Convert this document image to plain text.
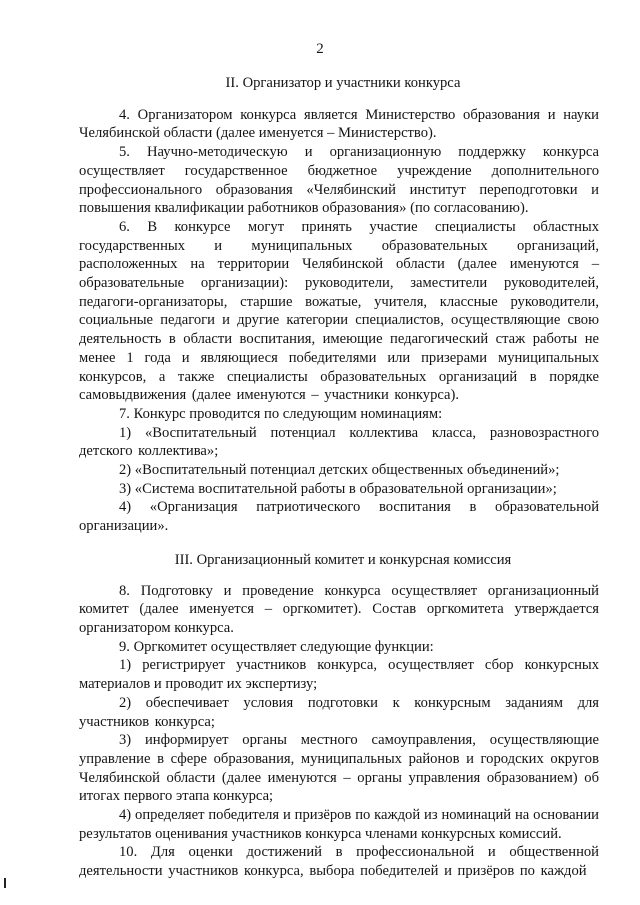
2
II. Организатор и участники конкурса

4. Организатором конкурса является Министерство образования и науки Челябинской области (далее именуется – Министерство).

5. Научно-методическую и организационную поддержку конкурса осуществляет государственное бюджетное учреждение дополнительного профессионального образования «Челябинский институт переподготовки и повышения квалификации работников образования» (по согласованию).

6. В конкурсе могут принять участие специалисты областных государственных и муниципальных образовательных организаций, расположенных на территории Челябинской области (далее именуются – образовательные организации): руководители, заместители руководителей, педагоги-организаторы, старшие вожатые, учителя, классные руководители, социальные педагоги и другие категории специалистов, осуществляющие свою деятельность в области воспитания, имеющие педагогический стаж работы не менее 1 года и являющиеся победителями или призерами муниципальных конкурсов, а также специалисты образовательных организаций в порядке самовыдвижения (далее именуются – участники конкурса).

7. Конкурс проводится по следующим номинациям:

1) «Воспитательный потенциал коллектива класса, разновозрастного детского коллектива»;

2) «Воспитательный потенциал детских общественных объединений»;

3) «Система воспитательной работы в образовательной организации»;

4) «Организация патриотического воспитания в образовательной организации».

III. Организационный комитет и конкурсная комиссия

8. Подготовку и проведение конкурса осуществляет организационный комитет (далее именуется – оргкомитет). Состав оргкомитета утверждается организатором конкурса.

9. Оргкомитет осуществляет следующие функции:

1) регистрирует участников конкурса, осуществляет сбор конкурсных материалов и проводит их экспертизу;

2) обеспечивает условия подготовки к конкурсным заданиям для участников конкурса;

3) информирует органы местного самоуправления, осуществляющие управление в сфере образования, муниципальных районов и городских округов Челябинской области (далее именуются – органы управления образованием) об итогах первого этапа конкурса;

4) определяет победителя и призёров по каждой из номинаций на основании результатов оценивания участников конкурса членами конкурсных комиссий.

10. Для оценки достижений в профессиональной и общественной деятельности участников конкурса, выбора победителей и призёров по каждой
